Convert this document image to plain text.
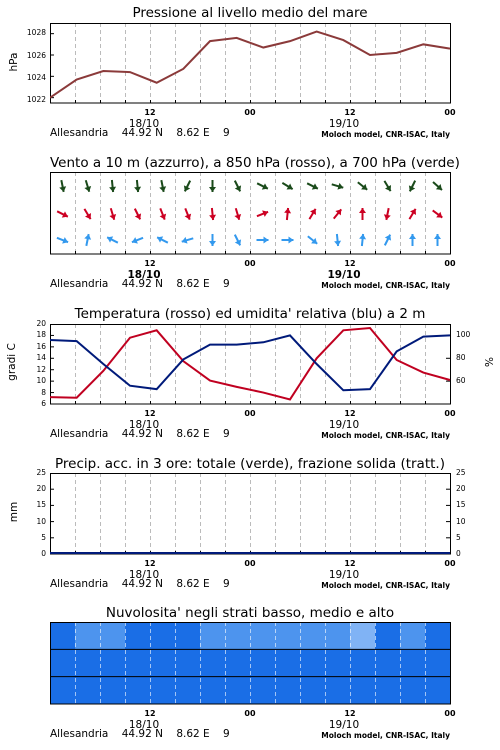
Pressione al livello medio del mare
hPa
1028
1026
1024
1022
Vento a 10 m (azzurro), a 850 hPa (rosso), a 700 hPa (verde)
Temperatura (rosso) ed umidita' relativa (blu) a 2 m
gradi C	%
20
18
16
14
12
10
8
6
100
80
60
Precip. acc. in 3 ore: totale (verde), frazione solida (tratt.)
mm
25	25
20	20
15	15
10	10
5	5
0	0
Nuvolosita' negli strati basso, medio e alto
12	00	12	00
18/10	19/10
Allesandria    44.92 N    8.62 E    9	Moloch model, CNR-ISAC, Italy
12	00	12	00
18/10	19/10
Allesandria    44.92 N    8.62 E    9	Moloch model, CNR-ISAC, Italy
12	00	12	00
18/10	19/10
Allesandria    44.92 N    8.62 E    9	Moloch model, CNR-ISAC, Italy
12	00	12	00
18/10	19/10
Allesandria    44.92 N    8.62 E    9	Moloch model, CNR-ISAC, Italy
12	00	12	00
18/10	19/10
Allesandria    44.92 N    8.62 E    9	Moloch model, CNR-ISAC, Italy
